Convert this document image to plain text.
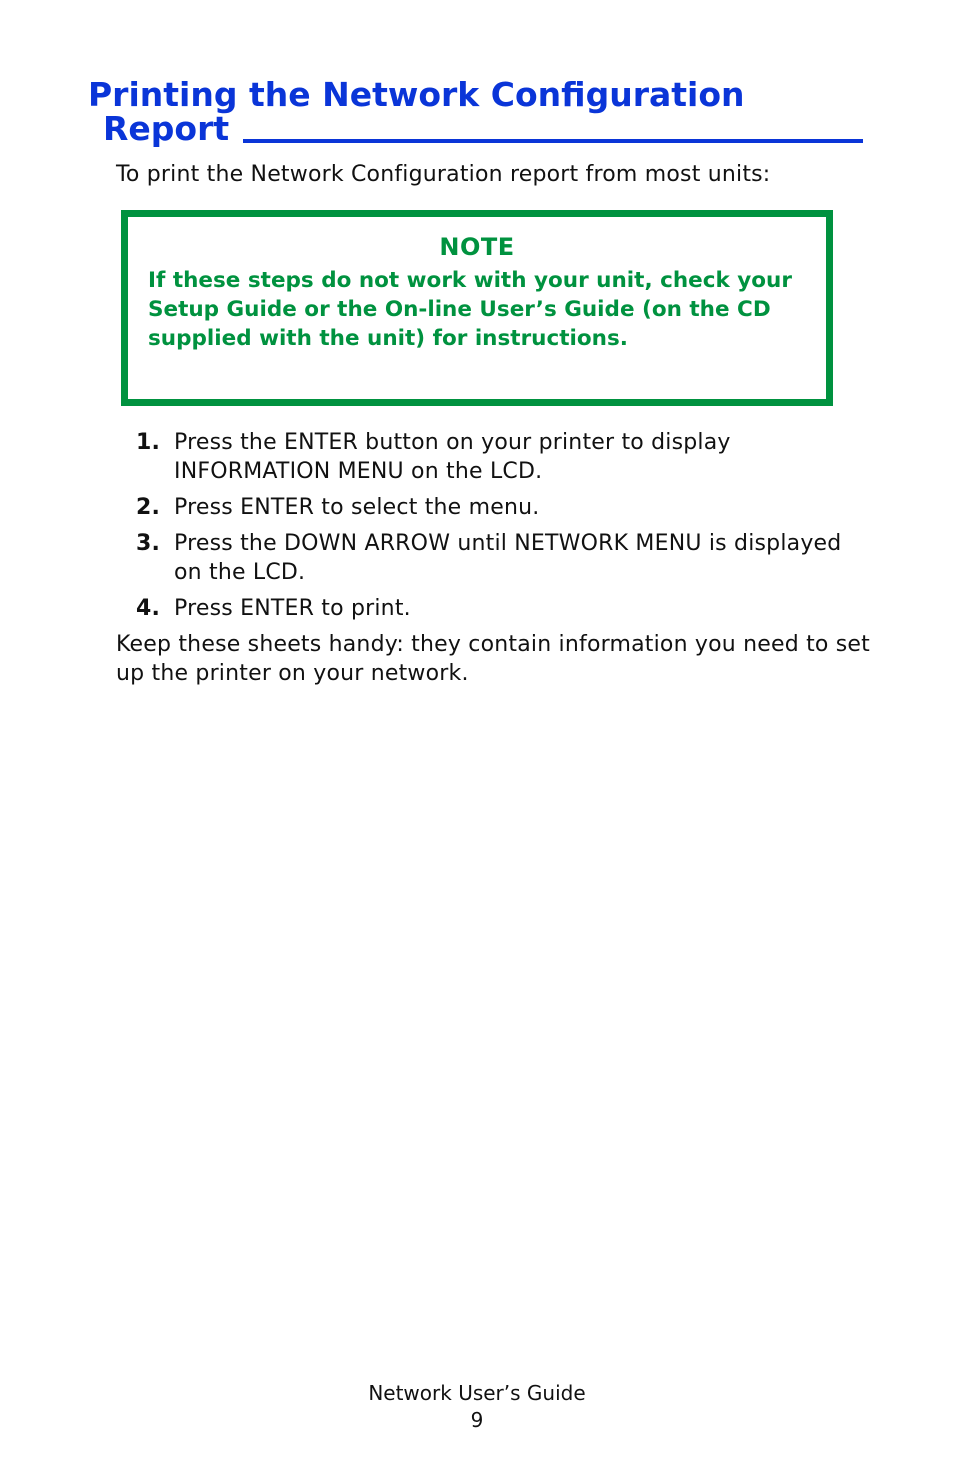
Printing the Network Configuration
Report

To print the Network Configuration report from most units:

NOTE

If these steps do not work with your unit, check your Setup Guide or the On-line User’s Guide (on the CD supplied with the unit) for instructions.

1. Press the ENTER button on your printer to display INFORMATION MENU on the LCD.
2. Press ENTER to select the menu.
3. Press the DOWN ARROW until NETWORK MENU is displayed on the LCD.
4. Press ENTER to print.

Keep these sheets handy: they contain information you need to set up the printer on your network.

Network User’s Guide
9
